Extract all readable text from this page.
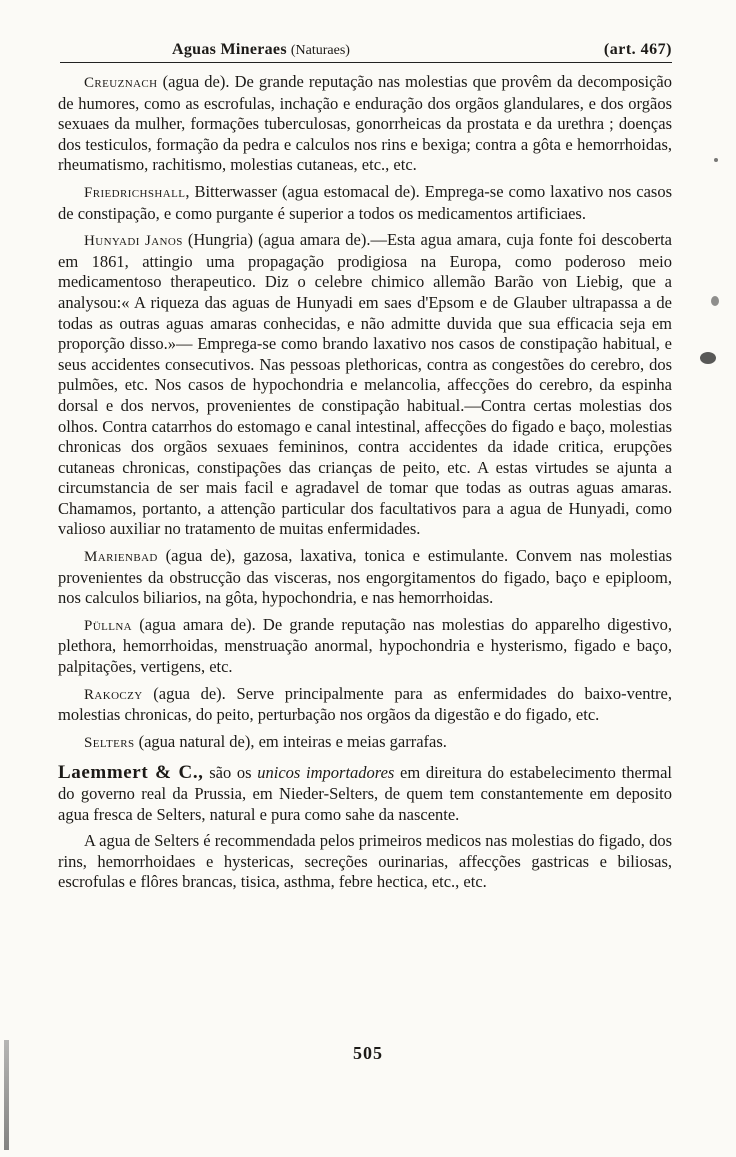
Aguas Mineraes (Naturaes)	(art. 467)

Creuznach (agua de). De grande reputação nas molestias que provêm da decomposição de humores, como as escrofulas, inchação e enduração dos orgãos glandulares, e dos orgãos sexuaes da mulher, formações tuberculosas, gonorrheicas da prostata e da urethra ; doenças dos testiculos, formação da pedra e calculos nos rins e bexiga; contra a gôta e hemorrhoidas, rheumatismo, rachitismo, molestias cutaneas, etc., etc.

Friedrichshall, Bitterwasser (agua estomacal de). Emprega-se como laxativo nos casos de constipação, e como purgante é superior a todos os medicamentos artificiaes.

Hunyadi Janos (Hungria) (agua amara de).—Esta agua amara, cuja fonte foi descoberta em 1861, attingio uma propagação prodigiosa na Europa, como poderoso meio medicamentoso therapeutico. Diz o celebre chimico allemão Barão von Liebig, que a analysou:« A riqueza das aguas de Hunyadi em saes d'Epsom e de Glauber ultrapassa a de todas as outras aguas amaras conhecidas, e não admitte duvida que sua efficacia seja em proporção disso.»— Emprega-se como brando laxativo nos casos de constipação habitual, e seus accidentes consecutivos. Nas pessoas plethoricas, contra as congestões do cerebro, dos pulmões, etc. Nos casos de hypochondria e melancolia, affecções do cerebro, da espinha dorsal e dos nervos, provenientes de constipação habitual.—Contra certas molestias dos olhos. Contra catarrhos do estomago e canal intestinal, affecções do figado e baço, molestias chronicas dos orgãos sexuaes femininos, contra accidentes da idade critica, erupções cutaneas chronicas, constipações das crianças de peito, etc. A estas virtudes se ajunta a circumstancia de ser mais facil e agradavel de tomar que todas as outras aguas amaras. Chamamos, portanto, a attenção particular dos facultativos para a agua de Hunyadi, como valioso auxiliar no tratamento de muitas enfermidades.

Marienbad (agua de), gazosa, laxativa, tonica e estimulante. Convem nas molestias provenientes da obstrucção das visceras, nos engorgitamentos do figado, baço e epiploom, nos calculos biliarios, na gôta, hypochondria, e nas hemorrhoidas.

Püllna (agua amara de). De grande reputação nas molestias do apparelho digestivo, plethora, hemorrhoidas, menstruação anormal, hypochondria e hysterismo, figado e baço, palpitações, vertigens, etc.

Rakoczy (agua de). Serve principalmente para as enfermidades do baixo-ventre, molestias chronicas, do peito, perturbação nos orgãos da digestão e do figado, etc.

Selters (agua natural de), em inteiras e meias garrafas.

Laemmert & C., são os unicos importadores em direitura do estabelecimento thermal do governo real da Prussia, em Nieder-Selters, de quem tem constantemente em deposito agua fresca de Selters, natural e pura como sahe da nascente.

A agua de Selters é recommendada pelos primeiros medicos nas molestias do figado, dos rins, hemorrhoidaes e hystericas, secreções ourinarias, affecções gastricas e biliosas, escrofulas e flôres brancas, tisica, asthma, febre hectica, etc., etc.

505
